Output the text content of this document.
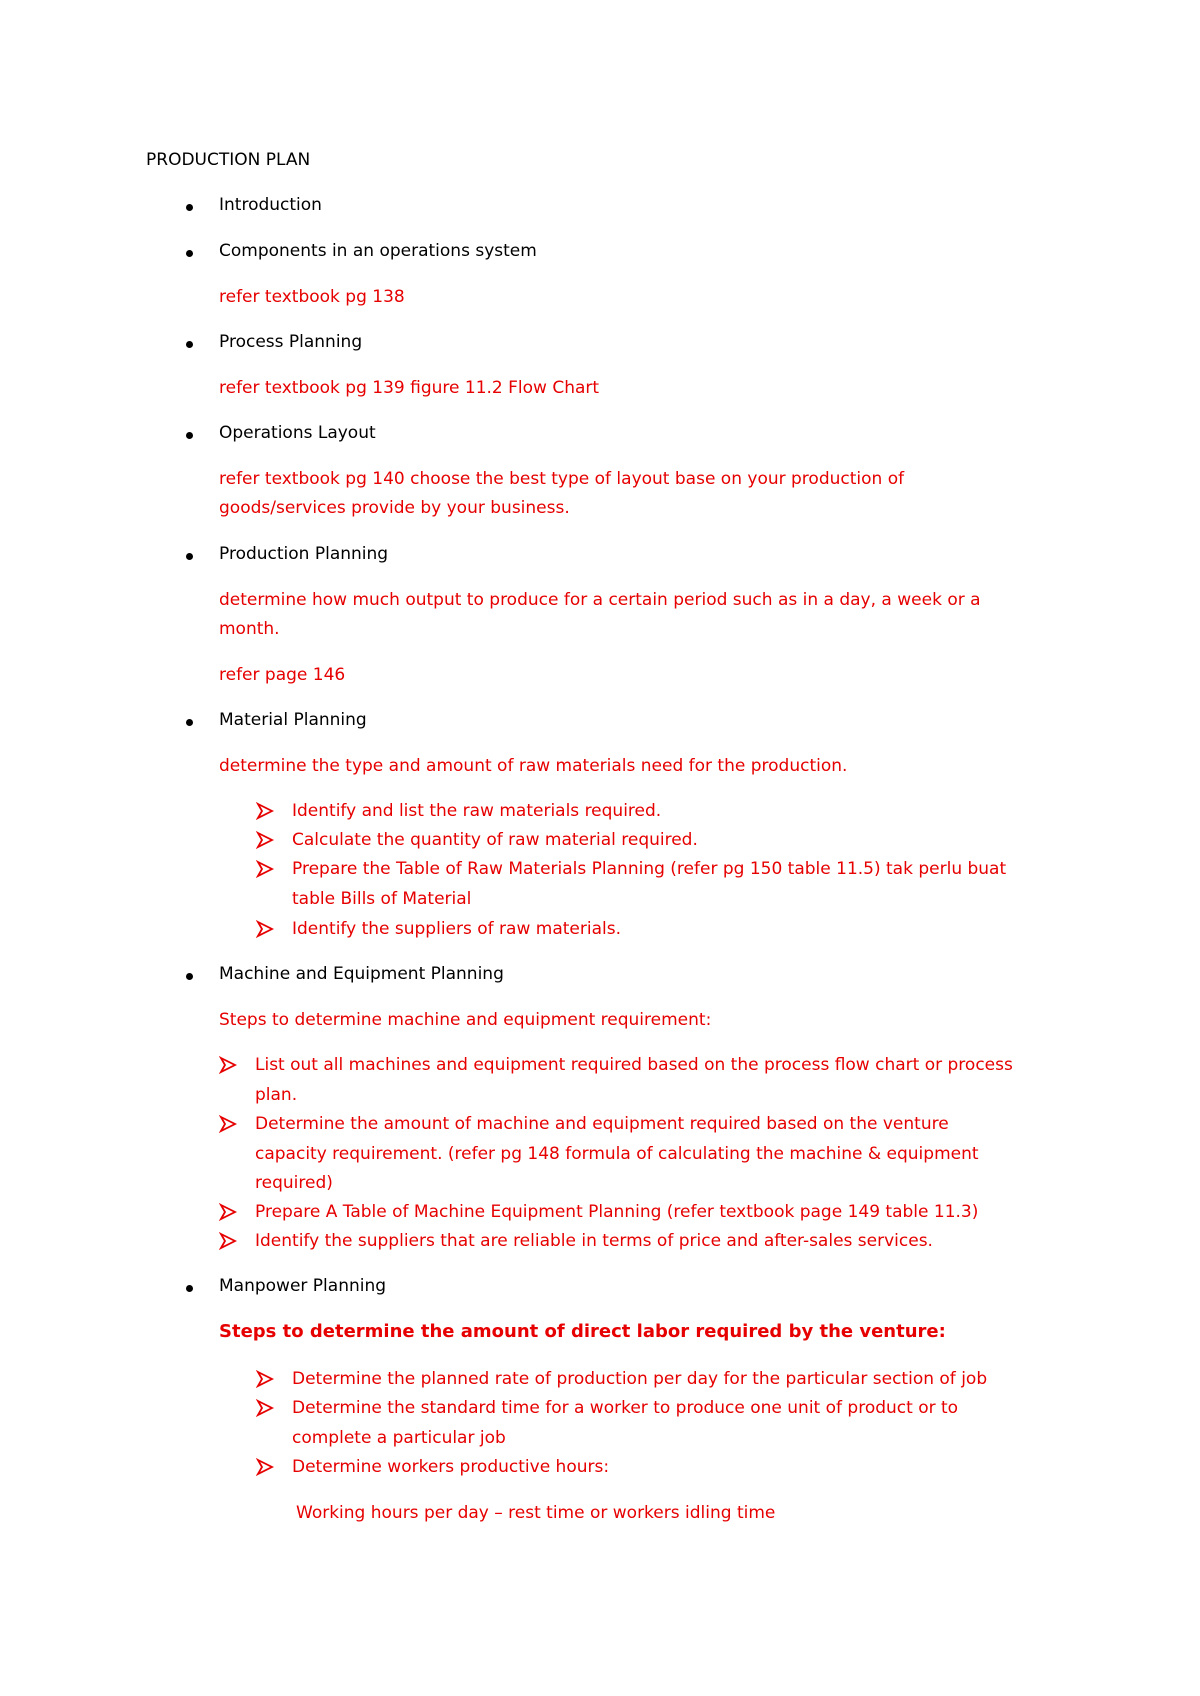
PRODUCTION PLAN
Introduction
Components in an operations system
refer textbook pg 138
Process Planning
refer textbook pg 139 figure 11.2 Flow Chart
Operations Layout
refer textbook pg 140 choose the best type of layout base on your production of
goods/services provide by your business.
Production Planning
determine how much output to produce for a certain period such as in a day, a week or a
month.
refer page 146
Material Planning
determine the type and amount of raw materials need for the production.
Identify and list the raw materials required.
Calculate the quantity of raw material required.
Prepare the Table of Raw Materials Planning (refer pg 150 table 11.5) tak perlu buat
table Bills of Material
Identify the suppliers of raw materials.
Machine and Equipment Planning
Steps to determine machine and equipment requirement:
List out all machines and equipment required based on the process flow chart or process
plan.
Determine the amount of machine and equipment required based on the venture
capacity requirement. (refer pg 148 formula of calculating the machine & equipment
required)
Prepare A Table of Machine Equipment Planning (refer textbook page 149 table 11.3)
Identify the suppliers that are reliable in terms of price and after-sales services.
Manpower Planning
Steps to determine the amount of direct labor required by the venture:
Determine the planned rate of production per day for the particular section of job
Determine the standard time for a worker to produce one unit of product or to
complete a particular job
Determine workers productive hours:
Working hours per day – rest time or workers idling time
